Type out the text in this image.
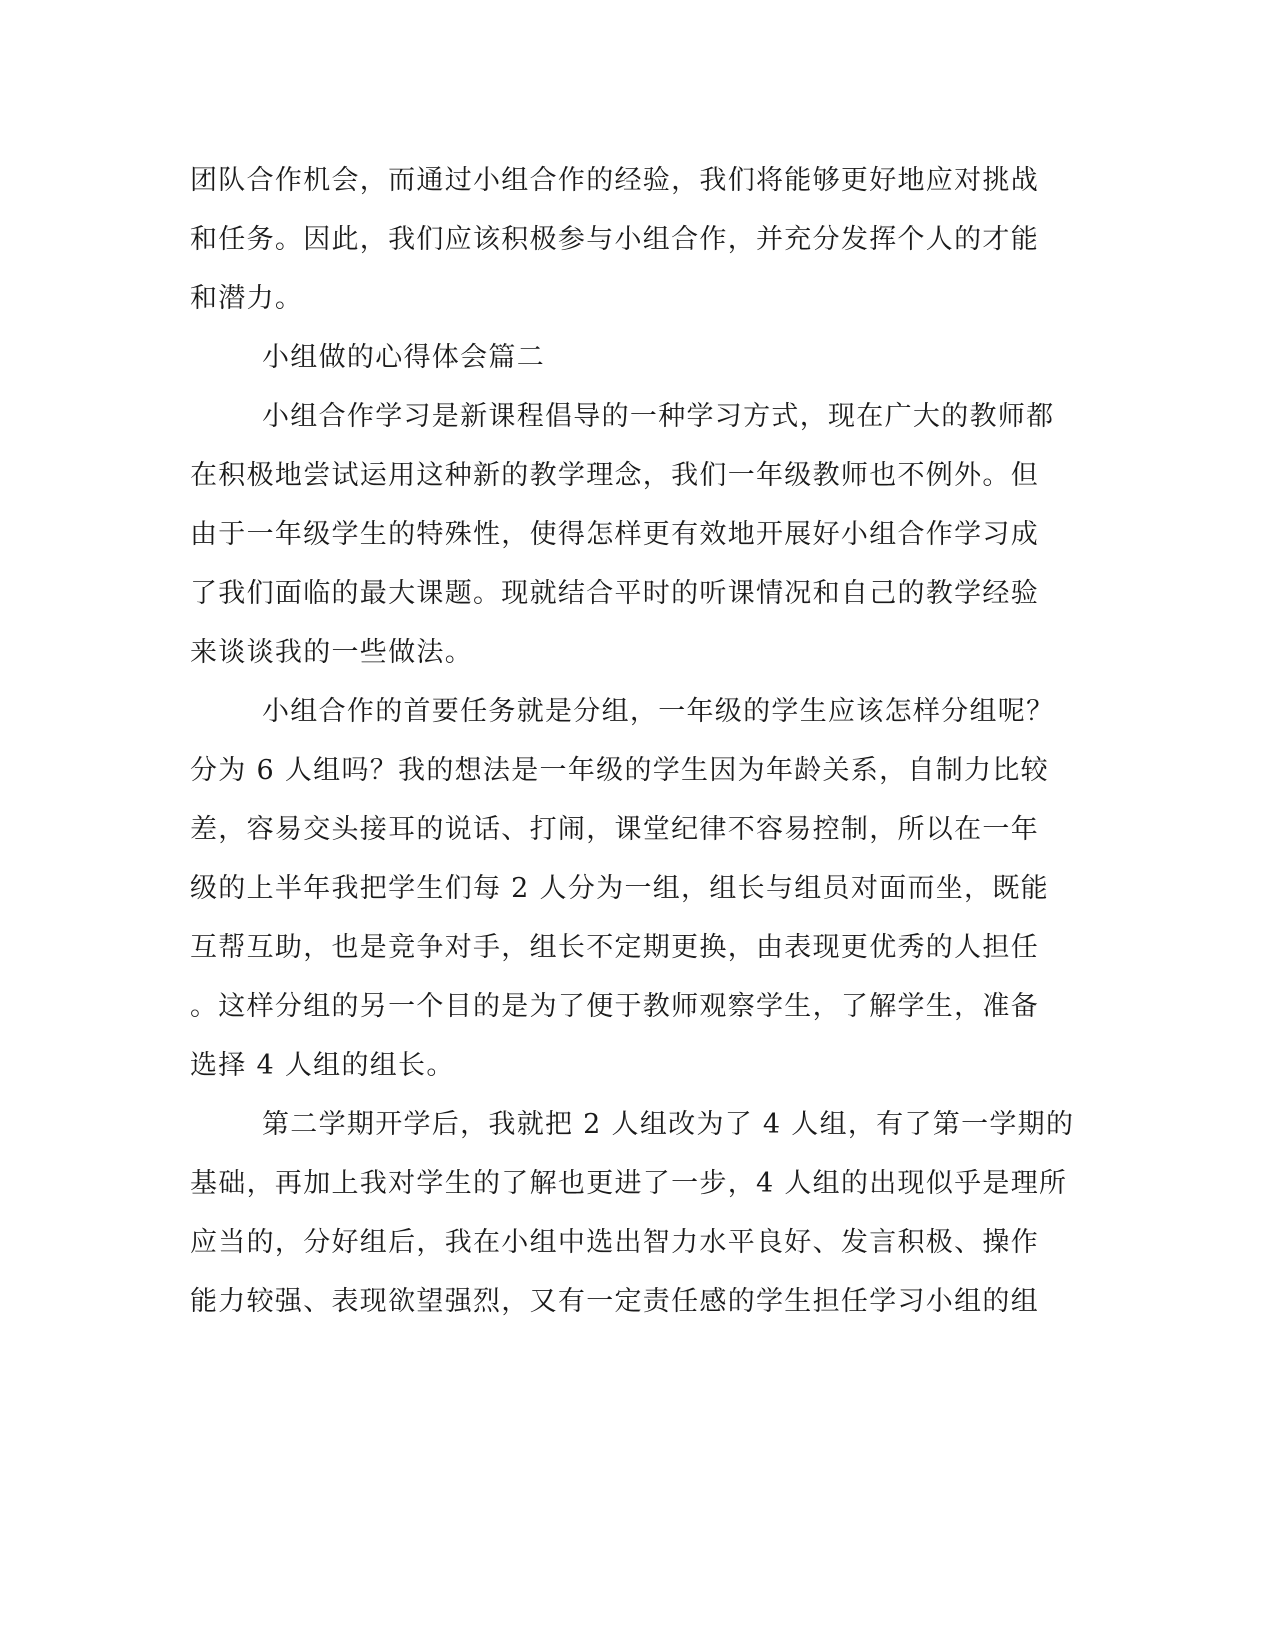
团队合作机会，而通过小组合作的经验，我们将能够更好地应对挑战
和任务。因此，我们应该积极参与小组合作，并充分发挥个人的才能
和潜力。
小组做的心得体会篇二
小组合作学习是新课程倡导的一种学习方式，现在广大的教师都
在积极地尝试运用这种新的教学理念，我们一年级教师也不例外。但
由于一年级学生的特殊性，使得怎样更有效地开展好小组合作学习成
了我们面临的最大课题。现就结合平时的听课情况和自己的教学经验
来谈谈我的一些做法。
小组合作的首要任务就是分组，一年级的学生应该怎样分组呢？
分为 6 人组吗？我的想法是一年级的学生因为年龄关系，自制力比较
差，容易交头接耳的说话、打闹，课堂纪律不容易控制，所以在一年
级的上半年我把学生们每 2 人分为一组，组长与组员对面而坐，既能
互帮互助，也是竞争对手，组长不定期更换，由表现更优秀的人担任
。这样分组的另一个目的是为了便于教师观察学生，了解学生，准备
选择 4 人组的组长。
第二学期开学后，我就把 2 人组改为了 4 人组，有了第一学期的
基础，再加上我对学生的了解也更进了一步，4 人组的出现似乎是理所
应当的，分好组后，我在小组中选出智力水平良好、发言积极、操作
能力较强、表现欲望强烈，又有一定责任感的学生担任学习小组的组
